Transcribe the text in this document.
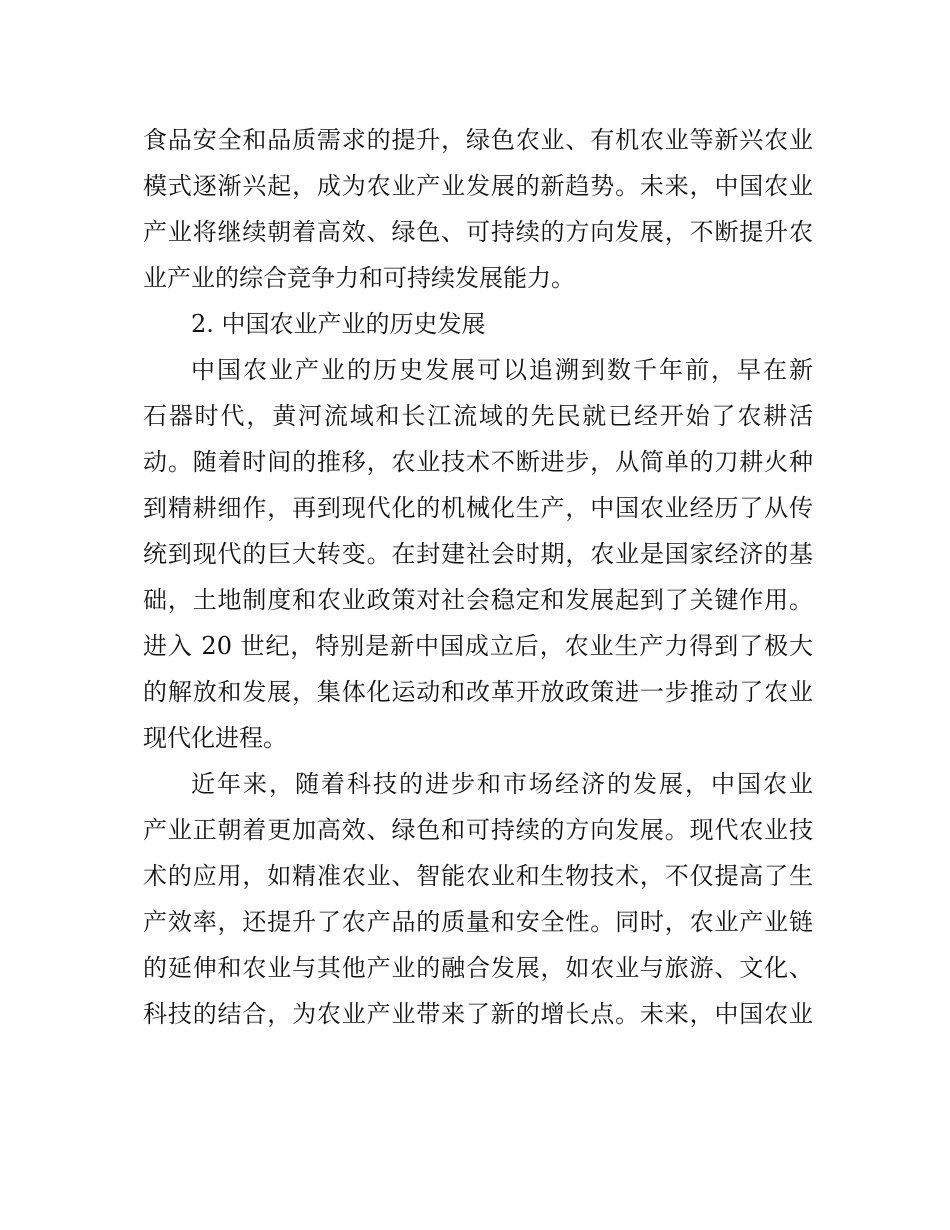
食品安全和品质需求的提升，绿色农业、有机农业等新兴农业
模式逐渐兴起，成为农业产业发展的新趋势。未来，中国农业
产业将继续朝着高效、绿色、可持续的方向发展，不断提升农
业产业的综合竞争力和可持续发展能力。
2. 中国农业产业的历史发展
中国农业产业的历史发展可以追溯到数千年前，早在新
石器时代，黄河流域和长江流域的先民就已经开始了农耕活
动。随着时间的推移，农业技术不断进步，从简单的刀耕火种
到精耕细作，再到现代化的机械化生产，中国农业经历了从传
统到现代的巨大转变。在封建社会时期，农业是国家经济的基
础，土地制度和农业政策对社会稳定和发展起到了关键作用。
进入 20 世纪，特别是新中国成立后，农业生产力得到了极大
的解放和发展，集体化运动和改革开放政策进一步推动了农业
现代化进程。
近年来，随着科技的进步和市场经济的发展，中国农业
产业正朝着更加高效、绿色和可持续的方向发展。现代农业技
术的应用，如精准农业、智能农业和生物技术，不仅提高了生
产效率，还提升了农产品的质量和安全性。同时，农业产业链
的延伸和农业与其他产业的融合发展，如农业与旅游、文化、
科技的结合，为农业产业带来了新的增长点。未来，中国农业
